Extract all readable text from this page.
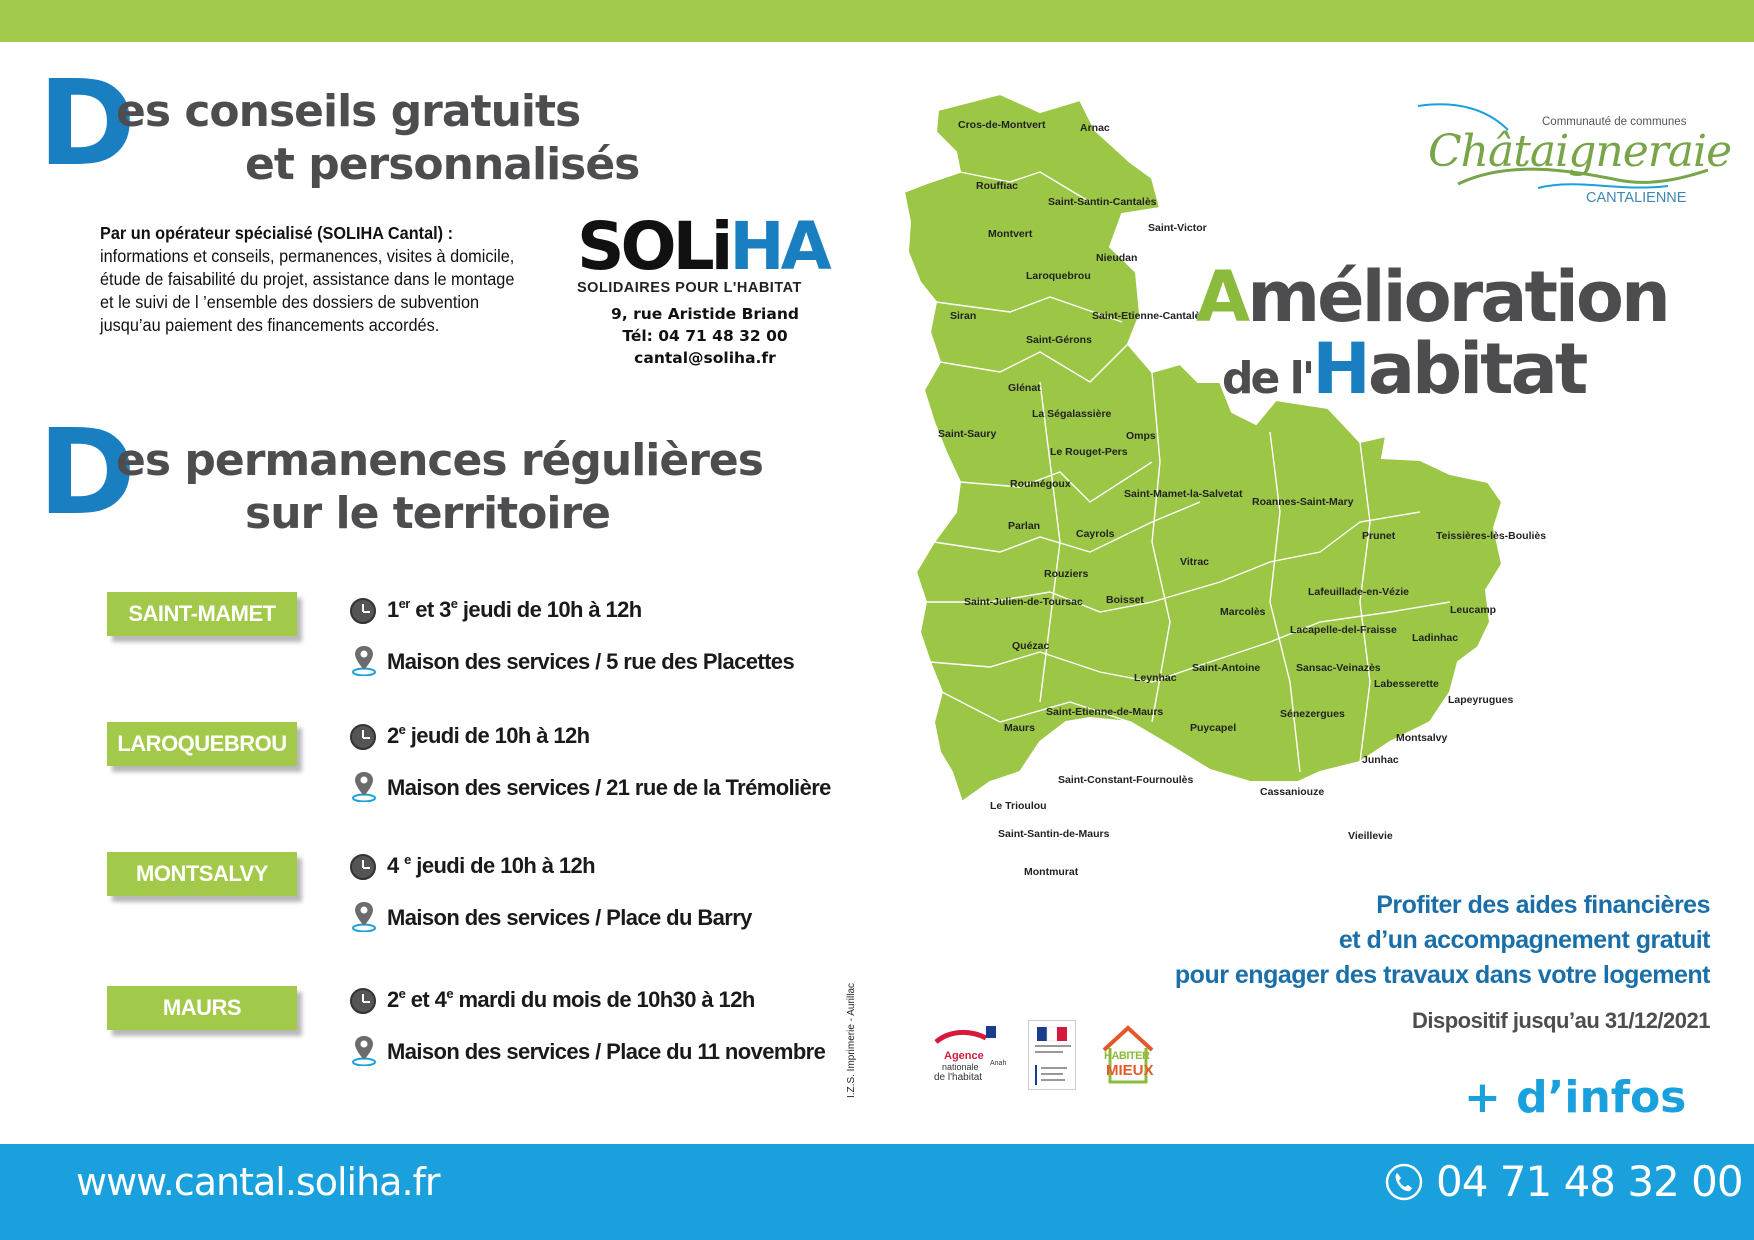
D
es conseils gratuits
et personnalisés
Par un opérateur spécialisé (SOLIHA Cantal) :
informations et conseils, permanences, visites à domicile, étude de faisabilité du projet, assistance dans le montage et le suivi de l ’ensemble des dossiers de subvention jusqu’au paiement des financements accordés.
SOLiHA
SOLIDAIRES POUR L'HABITAT
9, rue Aristide Briand
Tél: 04 71 48 32 00
cantal@soliha.fr
D
es permanences régulières
sur le territoire
SAINT-MAMET	1er et 3e jeudi de 10h à 12h
Maison des services / 5 rue des Placettes
LAROQUEBROU	2e jeudi de 10h à 12h
Maison des services / 21 rue de la Trémolière
MONTSALVY	4 $^e$ jeudi de 10h à 12h
Maison des services / Place du Barry
MAURS	2e et 4e mardi du mois de 10h30 à 12h
Maison des services / Place du 11 novembre I.Z.S. Imprimerie - Aurillac
Cros-de-Montvert	Arnac
Rouffiac
Saint-Santin-Cantalès
Saint-Victor
Montvert
Nieudan
Laroquebrou
Siran	Saint-Etienne-Cantalès
Saint-Gérons
Glénat
La Ségalassière
Omps
Saint-Saury
Le Rouget-Pers
Roumégoux
Saint-Mamet-la-Salvetat
Roannes-Saint-Mary
Parlan
Cayrols	Prunet	Teissières-lès-Bouliès
Vitrac
Rouziers
Saint-Julien-de-Toursac Boisset
Lafeuillade-en-Vézie
Marcolès	Leucamp
Lacapelle-del-Fraisse
Ladinhac
Quézac
Saint-Antoine	Sansac-Veinazès
Leynhac	Labesserette
Lapeyrugues
Saint-Etienne-de-Maurs	Sénezergues
Maurs	Puycapel
Montsalvy
Junhac
Saint-Constant-Fournoulès
Cassaniouze
Le Trioulou
Saint-Santin-de-Maurs	Vieillevie
Montmurat
Communauté de communes
Châtaigneraie
CANTALIENNE
Amélioration
de l'Habitat
Profiter des aides financières
et d’un accompagnement gratuit
pour engager des travaux dans votre logement
Dispositif jusqu’au 31/12/2021
Agence
nationale
de l'habitat
Anah
HABITER
MIEUX
+ d’infos
www.cantal.soliha.fr	04 71 48 32 00
